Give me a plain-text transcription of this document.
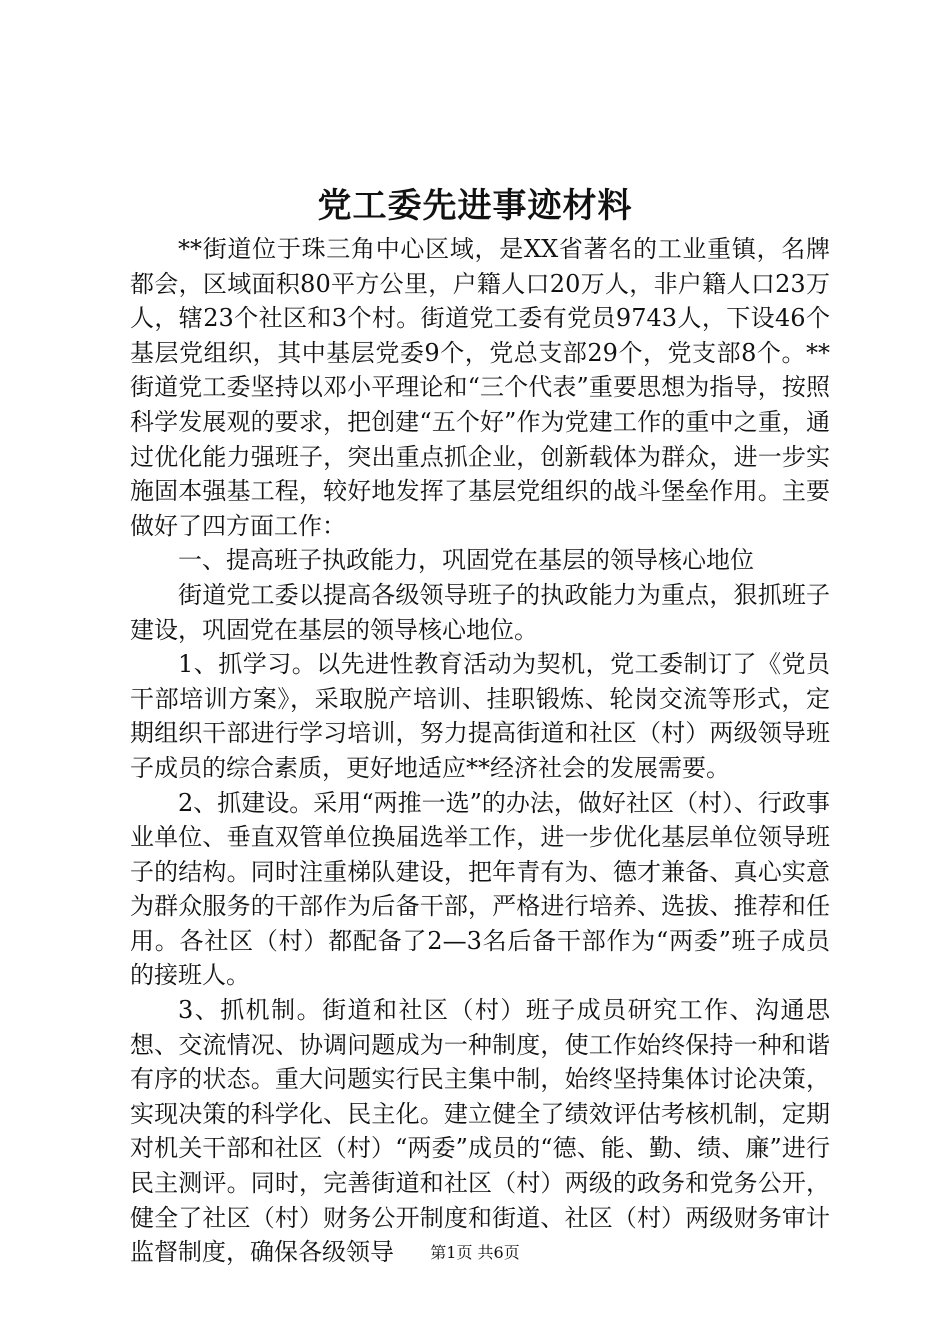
党工委先进事迹材料

**街道位于珠三角中心区域，是XX省著名的工业重镇，名牌都会，区域面积80平方公里，户籍人口20万人，非户籍人口23万人，辖23个社区和3个村。街道党工委有党员9743人，下设46个基层党组织，其中基层党委9个，党总支部29个，党支部8个。**街道党工委坚持以邓小平理论和“三个代表”重要思想为指导，按照科学发展观的要求，把创建“五个好”作为党建工作的重中之重，通过优化能力强班子，突出重点抓企业，创新载体为群众，进一步实施固本强基工程，较好地发挥了基层党组织的战斗堡垒作用。主要做好了四方面工作：

一、提高班子执政能力，巩固党在基层的领导核心地位

街道党工委以提高各级领导班子的执政能力为重点，狠抓班子建设，巩固党在基层的领导核心地位。

1、抓学习。以先进性教育活动为契机，党工委制订了《党员干部培训方案》，采取脱产培训、挂职锻炼、轮岗交流等形式，定期组织干部进行学习培训，努力提高街道和社区（村）两级领导班子成员的综合素质，更好地适应**经济社会的发展需要。

2、抓建设。采用“两推一选”的办法，做好社区（村）、行政事业单位、垂直双管单位换届选举工作，进一步优化基层单位领导班子的结构。同时注重梯队建设，把年青有为、德才兼备、真心实意为群众服务的干部作为后备干部，严格进行培养、选拔、推荐和任用。各社区（村）都配备了2—3名后备干部作为“两委”班子成员的接班人。

3、抓机制。街道和社区（村）班子成员研究工作、沟通思想、交流情况、协调问题成为一种制度，使工作始终保持一种和谐有序的状态。重大问题实行民主集中制，始终坚持集体讨论决策，实现决策的科学化、民主化。建立健全了绩效评估考核机制，定期对机关干部和社区（村）“两委”成员的“德、能、勤、绩、廉”进行民主测评。同时，完善街道和社区（村）两级的政务和党务公开，健全了社区（村）财务公开制度和街道、社区（村）两级财务审计监督制度，确保各级领导	第1页 共6页
